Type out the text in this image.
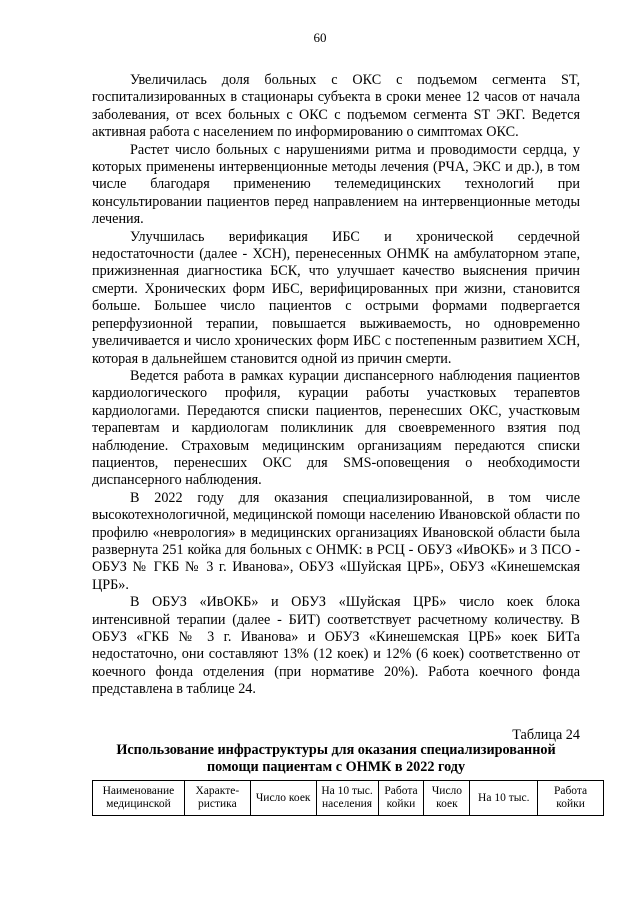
60

Увеличилась доля больных с ОКС с подъемом сегмента ST, госпитализированных в стационары субъекта в сроки менее 12 часов от начала заболевания, от всех больных с ОКС с подъемом сегмента ST ЭКГ. Ведется активная работа с населением по информированию о симптомах ОКС.

Растет число больных с нарушениями ритма и проводимости сердца, у которых применены интервенционные методы лечения (РЧА, ЭКС и др.), в том числе благодаря применению телемедицинских технологий при консультировании пациентов перед направлением на интервенционные методы лечения.

Улучшилась верификация ИБС и хронической сердечной недостаточности (далее - ХСН), перенесенных ОНМК на амбулаторном этапе, прижизненная диагностика БСК, что улучшает качество выяснения причин смерти. Хронических форм ИБС, верифицированных при жизни, становится больше. Большее число пациентов с острыми формами подвергается реперфузионной терапии, повышается выживаемость, но одновременно увеличивается и число хронических форм ИБС с постепенным развитием ХСН, которая в дальнейшем становится одной из причин смерти.

Ведется работа в рамках курации диспансерного наблюдения пациентов кардиологического профиля, курации работы участковых терапевтов кардиологами. Передаются списки пациентов, перенесших ОКС, участковым терапевтам и кардиологам поликлиник для своевременного взятия под наблюдение. Страховым медицинским организациям передаются списки пациентов, перенесших ОКС для SMS-оповещения о необходимости диспансерного наблюдения.

В 2022 году для оказания специализированной, в том числе высокотехнологичной, медицинской помощи населению Ивановской области по профилю «неврология» в медицинских организациях Ивановской области была развернута 251 койка для больных с ОНМК: в РСЦ - ОБУЗ «ИвОКБ» и 3 ПСО - ОБУЗ № ГКБ № 3 г. Иванова», ОБУЗ «Шуйская ЦРБ», ОБУЗ «Кинешемская ЦРБ».

В ОБУЗ «ИвОКБ» и ОБУЗ «Шуйская ЦРБ» число коек блока интенсивной терапии (далее - БИТ) соответствует расчетному количеству. В ОБУЗ «ГКБ № 3 г. Иванова» и ОБУЗ «Кинешемская ЦРБ» коек БИТа недостаточно, они составляют 13% (12 коек) и 12% (6 коек) соответственно от коечного фонда отделения (при нормативе 20%). Работа коечного фонда представлена в таблице 24.

Таблица 24
Использование инфраструктуры для оказания специализированной помощи пациентам с ОНМК в 2022 году
Наименование медицинской	Характе-ристика	Число коек	На 10 тыс. населения	Работа койки	Число коек	На 10 тыс.	Работа койки
